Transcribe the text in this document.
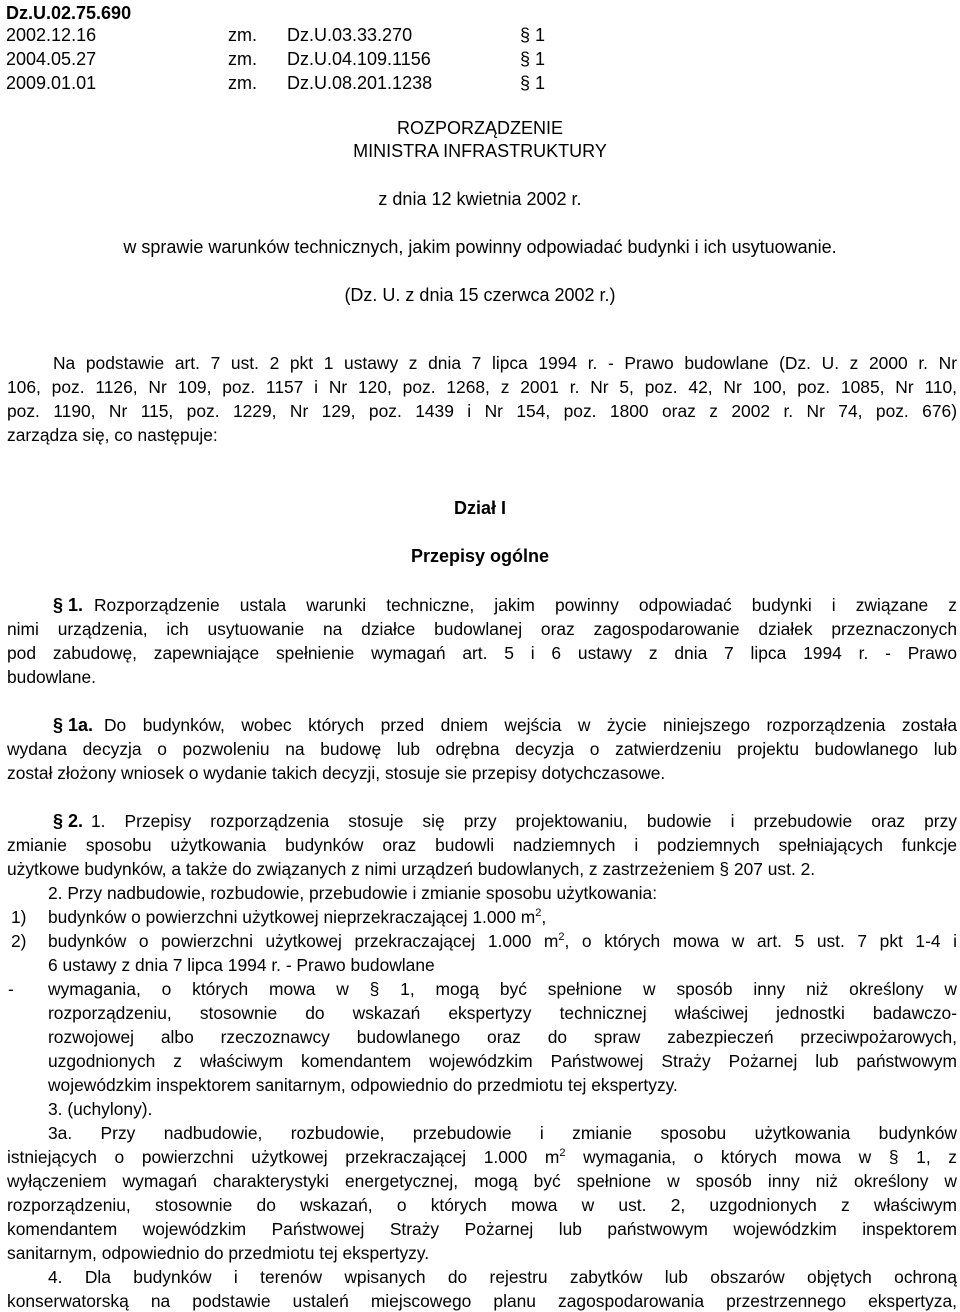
Dz.U.02.75.690
2002.12.16	zm. Dz.U.03.33.270	§ 1
2004.05.27	zm. Dz.U.04.109.1156	§ 1
2009.01.01	zm. Dz.U.08.201.1238	§ 1
ROZPORZĄDZENIE
MINISTRA INFRASTRUKTURY
z dnia 12 kwietnia 2002 r.
w sprawie warunków technicznych, jakim powinny odpowiadać budynki i ich usytuowanie.
(Dz. U. z dnia 15 czerwca 2002 r.)
Na podstawie art. 7 ust. 2 pkt 1 ustawy z dnia 7 lipca 1994 r. - Prawo budowlane (Dz. U. z 2000 r. Nr
106, poz. 1126, Nr 109, poz. 1157 i Nr 120, poz. 1268, z 2001 r. Nr 5, poz. 42, Nr 100, poz. 1085, Nr 110,
poz. 1190, Nr 115, poz. 1229, Nr 129, poz. 1439 i Nr 154, poz. 1800 oraz z 2002 r. Nr 74, poz. 676)
zarządza się, co następuje:
Dział I
Przepisy ogólne
§ 1. Rozporządzenie ustala warunki techniczne, jakim powinny odpowiadać budynki i związane z
nimi urządzenia, ich usytuowanie na działce budowlanej oraz zagospodarowanie działek przeznaczonych
pod zabudowę, zapewniające spełnienie wymagań art. 5 i 6 ustawy z dnia 7 lipca 1994 r. - Prawo
budowlane.
§ 1a. Do budynków, wobec których przed dniem wejścia w życie niniejszego rozporządzenia została
wydana decyzja o pozwoleniu na budowę lub odrębna decyzja o zatwierdzeniu projektu budowlanego lub
został złożony wniosek o wydanie takich decyzji, stosuje sie przepisy dotychczasowe.
§ 2. 1. Przepisy rozporządzenia stosuje się przy projektowaniu, budowie i przebudowie oraz przy
zmianie sposobu użytkowania budynków oraz budowli nadziemnych i podziemnych spełniających funkcje
użytkowe budynków, a także do związanych z nimi urządzeń budowlanych, z zastrzeżeniem § 207 ust. 2.
2. Przy nadbudowie, rozbudowie, przebudowie i zmianie sposobu użytkowania:
1) budynków o powierzchni użytkowej nieprzekraczającej 1.000 $m^2$,
2) budynków o powierzchni użytkowej przekraczającej 1.000 $m^2$, o których mowa w art. 5 ust. 7 pkt 1-4 i
6 ustawy z dnia 7 lipca 1994 r. - Prawo budowlane
- wymagania, o których mowa w § 1, mogą być spełnione w sposób inny niż określony w
rozporządzeniu, stosownie do wskazań ekspertyzy technicznej właściwej jednostki badawczo-
rozwojowej albo rzeczoznawcy budowlanego oraz do spraw zabezpieczeń przeciwpożarowych,
uzgodnionych z właściwym komendantem wojewódzkim Państwowej Straży Pożarnej lub państwowym
wojewódzkim inspektorem sanitarnym, odpowiednio do przedmiotu tej ekspertyzy.
3. (uchylony).
3a. Przy nadbudowie, rozbudowie, przebudowie i zmianie sposobu użytkowania budynków
istniejących o powierzchni użytkowej przekraczającej 1.000 $m^2$ wymagania, o których mowa w § 1, z
wyłączeniem wymagań charakterystyki energetycznej, mogą być spełnione w sposób inny niż określony w
rozporządzeniu, stosownie do wskazań, o których mowa w ust. 2, uzgodnionych z właściwym
komendantem wojewódzkim Państwowej Straży Pożarnej lub państwowym wojewódzkim inspektorem
sanitarnym, odpowiednio do przedmiotu tej ekspertyzy.
4. Dla budynków i terenów wpisanych do rejestru zabytków lub obszarów objętych ochroną
konserwatorską na podstawie ustaleń miejscowego planu zagospodarowania przestrzennego ekspertyza,
